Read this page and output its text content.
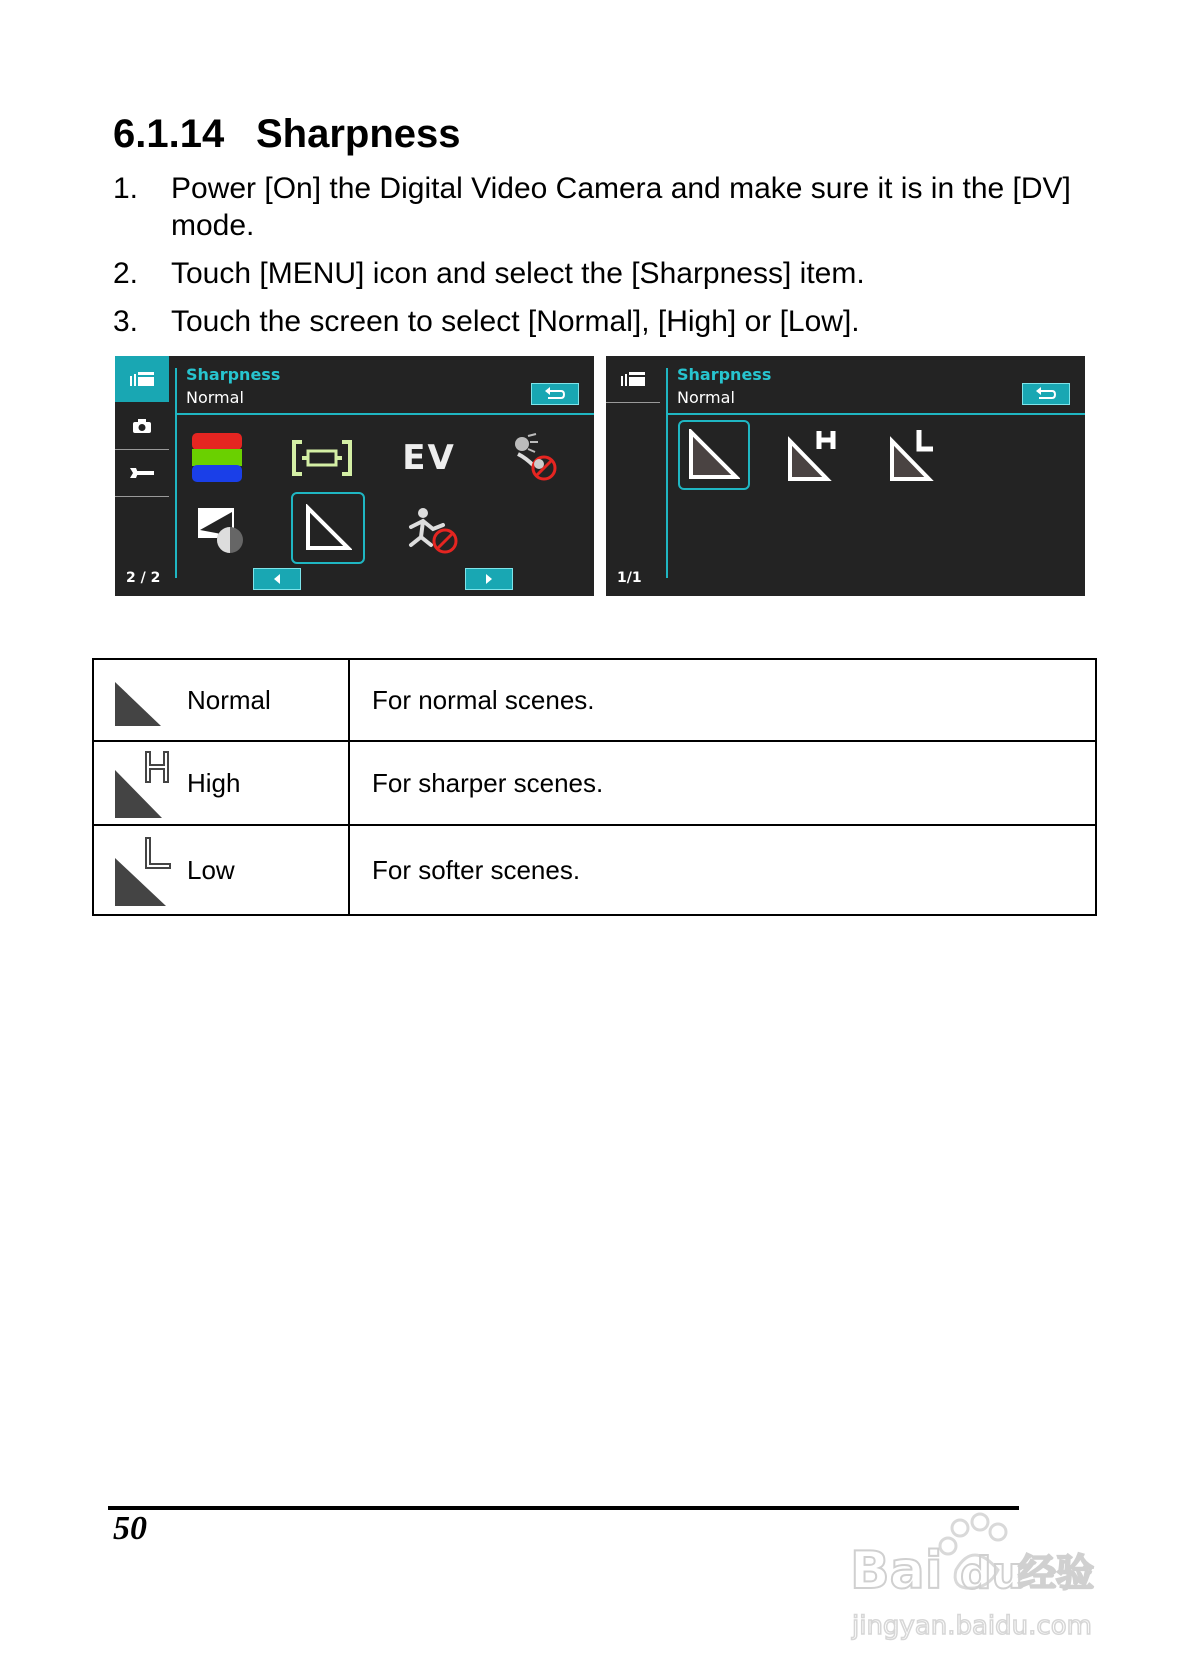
6.1.14 Sharpness
1.	Power [On] the Digital Video Camera and make sure it is in the [DV] mode.
2.	Touch [MENU] icon and select the [Sharpness] item.
3.	Touch the screen to select [Normal], [High] or [Low].
2 / 2
Sharpness
Normal
EV
1/1
Sharpness
Normal
Normal	For normal scenes.

High	For sharper scenes.

Low	For softer scenes.
50
Bai du
经验
jingyan.baidu.com
